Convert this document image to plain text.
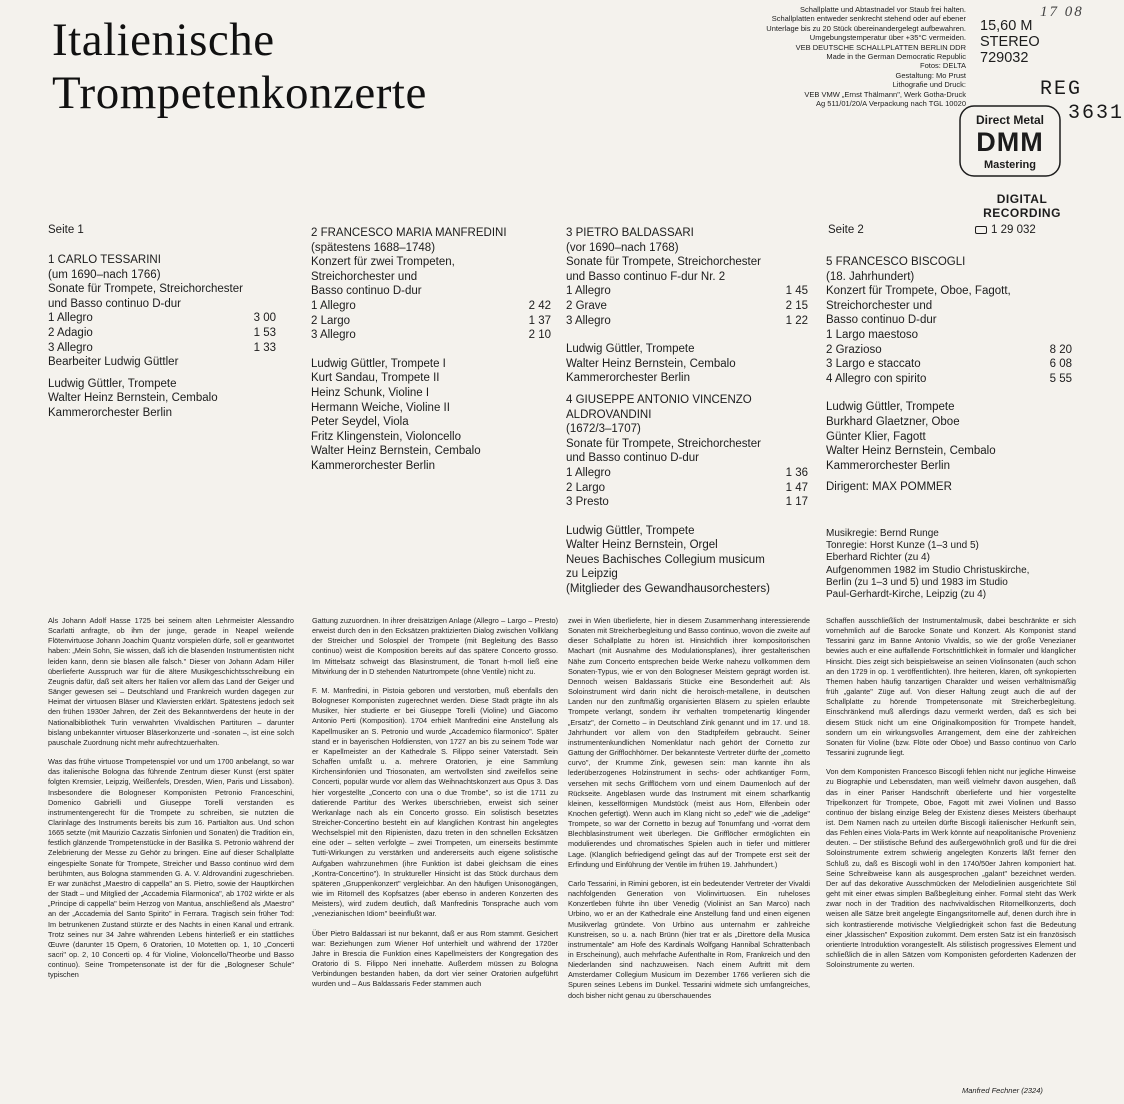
Italienische
Trompetenkonzerte
Schallplatte und Abtastnadel vor Staub frei halten.
Schallplatten entweder senkrecht stehend oder auf ebener
Unterlage bis zu 20 Stück übereinandergelegt aufbewahren.
Umgebungstemperatur über +35°C vermeiden.
VEB DEUTSCHE SCHALLPLATTEN BERLIN DDR
Made in the German Democratic Republic
Fotos: DELTA
Gestaltung: Mo Prust
Lithografie und Druck:
VEB VMW „Ernst Thälmann", Werk Gotha-Druck
Ag 511/01/20/A Verpackung nach TGL 10020
15,60 M
STEREO
729032
17 08
REG
Direct Metal
DMM
Mastering
3631
DIGITAL
RECORDING
Seite 1	Seite 2	1 29 032
1 CARLO TESSARINI
(um 1690–nach 1766)
Sonate für Trompete, Streichorchester
und Basso continuo D-dur
1 Allegro	3 00
2 Adagio	1 53
3 Allegro	1 33
Bearbeiter Ludwig Güttler
Ludwig Güttler, Trompete
Walter Heinz Bernstein, Cembalo
Kammerorchester Berlin
2 FRANCESCO MARIA MANFREDINI
(spätestens 1688–1748)
Konzert für zwei Trompeten,
Streichorchester und
Basso continuo D-dur
1 Allegro	2 42
2 Largo	1 37
3 Allegro	2 10
Ludwig Güttler, Trompete I
Kurt Sandau, Trompete II
Heinz Schunk, Violine I
Hermann Weiche, Violine II
Peter Seydel, Viola
Fritz Klingenstein, Violoncello
Walter Heinz Bernstein, Cembalo
Kammerorchester Berlin
3 PIETRO BALDASSARI
(vor 1690–nach 1768)
Sonate für Trompete, Streichorchester
und Basso continuo F-dur Nr. 2
1 Allegro	1 45
2 Grave	2 15
3 Allegro	1 22
Ludwig Güttler, Trompete
Walter Heinz Bernstein, Cembalo
Kammerorchester Berlin
4 GIUSEPPE ANTONIO VINCENZO
ALDROVANDINI
(1672/3–1707)
Sonate für Trompete, Streichorchester
und Basso continuo D-dur
1 Allegro	1 36
2 Largo	1 47
3 Presto	1 17
Ludwig Güttler, Trompete
Walter Heinz Bernstein, Orgel
Neues Bachisches Collegium musicum
zu Leipzig
(Mitglieder des Gewandhausorchesters)
5 FRANCESCO BISCOGLI
(18. Jahrhundert)
Konzert für Trompete, Oboe, Fagott,
Streichorchester und
Basso continuo D-dur
1 Largo maestoso
2 Grazioso	8 20
3 Largo e staccato	6 08
4 Allegro con spirito	5 55
Ludwig Güttler, Trompete
Burkhard Glaetzner, Oboe
Günter Klier, Fagott
Walter Heinz Bernstein, Cembalo
Kammerorchester Berlin
Dirigent: MAX POMMER
Musikregie: Bernd Runge
Tonregie: Horst Kunze (1–3 und 5)
Eberhard Richter (zu 4)
Aufgenommen 1982 im Studio Christuskirche,
Berlin (zu 1–3 und 5) und 1983 im Studio
Paul-Gerhardt-Kirche, Leipzig (zu 4)

Als Johann Adolf Hasse 1725 bei seinem alten Lehrmeister Alessandro Scarlatti anfragte, ob ihm der junge, gerade in Neapel weilende Flötenvirtuose Johann Joachim Quantz vorspielen dürfe, soll er geantwortet haben: „Mein Sohn, Sie wissen, daß ich die blasenden Instrumentisten nicht leiden kann, denn sie blasen alle falsch." Dieser von Johann Adam Hiller überlieferte Ausspruch war für die ältere Musikgeschichtsschreibung ein Zeugnis dafür, daß seit alters her Italien vor allem das Land der Geiger und Sänger gewesen sei – Deutschland und Frankreich wurden dagegen zur Heimat der virtuosen Bläser und Klaviersten erklärt. Spätestens jedoch seit den frühen 1930er Jahren, der Zeit des Bekanntwerdens der heute in der Nationalbibliothek Turin verwahrten Vivaldischen Partituren – darunter bislang unbekannter virtuoser Bläserkonzerte und -sonaten –, ist eine solch pauschale Zuordnung nicht mehr aufrechtzuerhalten.

Was das frühe virtuose Trompetenspiel vor und um 1700 anbelangt, so war das italienische Bologna das führende Zentrum dieser Kunst (erst später folgten Kremsier, Leipzig, Weißenfels, Dresden, Wien, Paris und Lissabon). Insbesondere die Bologneser Komponisten Petronio Franceschini, Domenico Gabrielli und Giuseppe Torelli verstanden es instrumentengerecht für die Trompete zu schreiben, sie nutzten die Clarinlage des Instruments bereits bis zum 16. Partialton aus. Und schon 1665 setzte (mit Maurizio Cazzatis Sinfonien und Sonaten) die Tradition ein, festlich glänzende Trompetenstücke in der Basilika S. Petronio während der Zelebrierung der Messe zu Gehör zu bringen. Eine auf dieser Schallplatte eingespielte Sonate für Trompete, Streicher und Basso continuo wird dem berühmten, aus Bologna stammenden G. A. V. Aldrovandini zugeschrieben. Er war zunächst „Maestro di cappella" an S. Pietro, sowie der Hauptkirchen der Stadt – und Mitglied der „Accademia Filarmonica", ab 1702 wirkte er als „Principe di cappella" beim Herzog von Mantua, anschließend als „Maestro" an der „Accademia del Santo Spirito" in Ferrara. Tragisch sein früher Tod: Im betrunkenen Zustand stürzte er des Nachts in einen Kanal und ertrank. Trotz seines nur 34 Jahre währenden Lebens hinterließ er ein stattliches Œuvre (darunter 15 Opern, 6 Oratorien, 10 Motetten op. 1, 10 „Concerti sacri" op. 2, 10 Concerti op. 4 für Violine, Violoncello/Theorbe und Basso continuo). Seine Trompetensonate ist der für die „Bologneser Schule" typischen

Gattung zuzuordnen. In ihrer dreisätzigen Anlage (Allegro – Largo – Presto) erweist durch den in den Ecksätzen praktizierten Dialog zwischen Vollklang der Streicher und Solospiel der Trompete (mit Begleitung des Basso continuo) weist die Komposition bereits auf das spätere Concerto grosso. Im Mittelsatz schweigt das Blasinstrument, die Tonart h-moll ließ eine Mitwirkung der in D stehenden Naturtrompete (ohne Ventile) nicht zu.

F. M. Manfredini, in Pistoia geboren und verstorben, muß ebenfalls den Bologneser Komponisten zugerechnet werden. Diese Stadt prägte ihn als Musiker, hier studierte er bei Giuseppe Torelli (Violine) und Giacomo Antonio Perti (Komposition). 1704 erhielt Manfredini eine Anstellung als Kapellmusiker an S. Petronio und wurde „Accademico filarmonico". Später stand er in bayerischen Hofdiensten, von 1727 an bis zu seinem Tode war er Kapellmeister an der Kathedrale S. Filippo seiner Vaterstadt. Sein Schaffen umfaßt u. a. mehrere Oratorien, je eine Sammlung Kirchensinfonien und Triosonaten, am wertvollsten sind zweifellos seine Concerti, populär wurde vor allem das Weihnachtskonzert aus Opus 3. Das hier vorgestellte „Concerto con una o due Trombe", so ist die 1711 zu datierende Partitur des Werkes überschrieben, erweist sich seiner Werkanlage nach als ein Concerto grosso. Ein solistisch besetztes Streicher-Concertino besteht ein auf klanglichen Kontrast hin angelegtes Wechselspiel mit den Ripienisten, dazu treten in den schnellen Ecksätzen eine oder – selten verfolgte – zwei Trompeten, um einerseits bestimmte Tutti-Wirkungen zu verstärken und andererseits auch eigene solistische Aufgaben wahrzunehmen (ihre Funktion ist dabei gleichsam die eines „Kontra-Concertino"). In struktureller Hinsicht ist das Stück durchaus dem späteren „Gruppenkonzert" vergleichbar. An den häufigen Unisonogängen, wie im Ritornell des Kopfsatzes (aber ebenso in anderen Konzerten des Meisters), wird zudem deutlich, daß Manfredinis Tonsprache auch vom „venezianischen Idiom" beeinflußt war.

Über Pietro Baldassari ist nur bekannt, daß er aus Rom stammt. Gesichert war: Beziehungen zum Wiener Hof unterhielt und während der 1720er Jahre in Brescia die Funktion eines Kapellmeisters der Kongregation des Oratorio di S. Filippo Neri innehatte. Außerdem müssen zu Bologna Verbindungen bestanden haben, da dort vier seiner Oratorien aufgeführt wurden und – Aus Baldassaris Feder stammen auch

zwei in Wien überlieferte, hier in diesem Zusammenhang interessierende Sonaten mit Streicherbegleitung und Basso continuo, wovon die zweite auf dieser Schallplatte zu hören ist. Hinsichtlich ihrer kompositorischen Machart (mit Ausnahme des Modulationsplanes), ihrer gestalterischen Nähe zum Concerto entsprechen beide Werke nahezu vollkommen dem Sonaten-Typus, wie er von den Bologneser Meistern geprägt worden ist. Dennoch weisen Baldassaris Stücke eine Besonderheit auf: Als Soloinstrument wird darin nicht die heroisch-metallene, in deutschen Landen nur den zunftmäßig organisierten Bläsern zu spielen erlaubte Trompete verlangt, sondern ihr verhalten trompetenartig klingender „Ersatz", der Cornetto – in Deutschland Zink genannt und im 17. und 18. Jahrhundert vor allem von den Stadtpfeifern gebraucht. Seiner instrumentenkundlichen Nomenklatur nach gehört der Cornetto zur Gattung der Grifflochhörner. Der bekannteste Vertreter dürfte der „cornetto curvo", der Krumme Zink, gewesen sein: man kannte ihn als lederüberzogenes Holzinstrument in sechs- oder achtkantiger Form, versehen mit sechs Grifflöchern vorn und einem Daumenloch auf der Rückseite. Angeblasen wurde das Instrument mit einem scharfkantig kleinen, kesselförmigen Mundstück (meist aus Horn, Elfenbein oder Knochen gefertigt). Wenn auch im Klang nicht so „edel" wie die „adelige" Trompete, so war der Cornetto in bezug auf Tonumfang und -vorrat dem Blechblasinstrument weit überlegen. Die Grifflöcher ermöglichten ein modulierendes und chromatisches Spielen auch in tiefer und mittlerer Lage. (Klanglich befriedigend gelingt das auf der Trompete erst seit der Erfindung und Einführung der Ventile im frühen 19. Jahrhundert.)

Carlo Tessarini, in Rimini geboren, ist ein bedeutender Vertreter der Vivaldi nachfolgenden Generation von Violinvirtuosen. Ein ruheloses Konzertleben führte ihn über Venedig (Violinist an San Marco) nach Urbino, wo er an der Kathedrale eine Anstellung fand und einen eigenen Musikverlag gründete. Von Urbino aus unternahm er zahlreiche Kunstreisen, so u. a. nach Brünn (hier trat er als „Direttore della Musica instrumentale" am Hofe des Kardinals Wolfgang Hannibal Schrattenbach in Erscheinung), auch mehrfache Aufenthalte in Rom, Frankreich und den Niederlanden sind nachzuweisen. Nach einem Auftritt mit dem Amsterdamer Collegium Musicum im Dezember 1766 verlieren sich die Spuren seines Lebens im Dunkel. Tessarini widmete sich umfangreiches, doch bisher nicht genau zu überschauendes

Schaffen ausschließlich der Instrumentalmusik, dabei beschränkte er sich vornehmlich auf die Barocke Sonate und Konzert. Als Komponist stand Tessarini ganz im Banne Antonio Vivaldis, so wie der große Venezianer bewies auch er eine auffallende Fortschrittlichkeit in formaler und klanglicher Hinsicht. Dies zeigt sich beispielsweise an seinen Violinsonaten (auch schon an den 1729 in op. 1 veröffentlichten). Ihre heiteren, klaren, oft synkopierten Themen haben häufig tanzartigen Charakter und weisen verhältnismäßig früh „galante" Züge auf. Von dieser Haltung zeugt auch die auf der Schallplatte zu hörende Trompetensonate mit Streicherbegleitung. Einschränkend muß allerdings dazu vermerkt werden, daß es sich bei diesem Stück nicht um eine Originalkomposition für Trompete handelt, sondern um ein wirkungsvolles Arrangement, dem eine der zahlreichen Sonaten für Violine (bzw. Flöte oder Oboe) und Basso continuo von Carlo Tessarini zugrunde liegt.

Von dem Komponisten Francesco Biscogli fehlen nicht nur jegliche Hinweise zu Biographie und Lebensdaten, man weiß vielmehr davon ausgehen, daß das in einer Pariser Handschrift überlieferte und hier vorgestellte Tripelkonzert für Trompete, Oboe, Fagott mit zwei Violinen und Basso continuo der bislang einzige Beleg der Existenz dieses Meisters überhaupt ist. Dem Namen nach zu urteilen dürfte Biscogli italienischer Herkunft sein, das Fehlen eines Viola-Parts im Werk könnte auf neapolitanische Provenienz deuten. – Der stilistische Befund des außergewöhnlich groß und für die drei Soloinstrumente extrem schwierig angelegten Konzerts läßt ferner den Schluß zu, daß es Biscogli wohl in den 1740/50er Jahren komponiert hat. Seine Schreibweise kann als ausgesprochen „galant" bezeichnet werden. Der auf das dekorative Ausschmücken der Melodielinien ausgerichtete Stil geht mit einer etwas simplen Baßbegleitung einher. Formal steht das Werk zwar noch in der Tradition des nachvivaldischen Ritornellkonzerts, doch weisen alle Sätze breit angelegte Eingangsritornelle auf, denen durch ihre in sich kontrastierende motivische Vielgliedrigkeit schon fast die Bedeutung einer „klassischen" Exposition zukommt. Dem ersten Satz ist ein französisch orientierte Introduktion vorangestellt. Als stilistisch progressives Element und schließlich die in allen Sätzen vom Komponisten geforderten Kadenzen der Soloinstrumente zu werten.

Manfred Fechner (2324)
